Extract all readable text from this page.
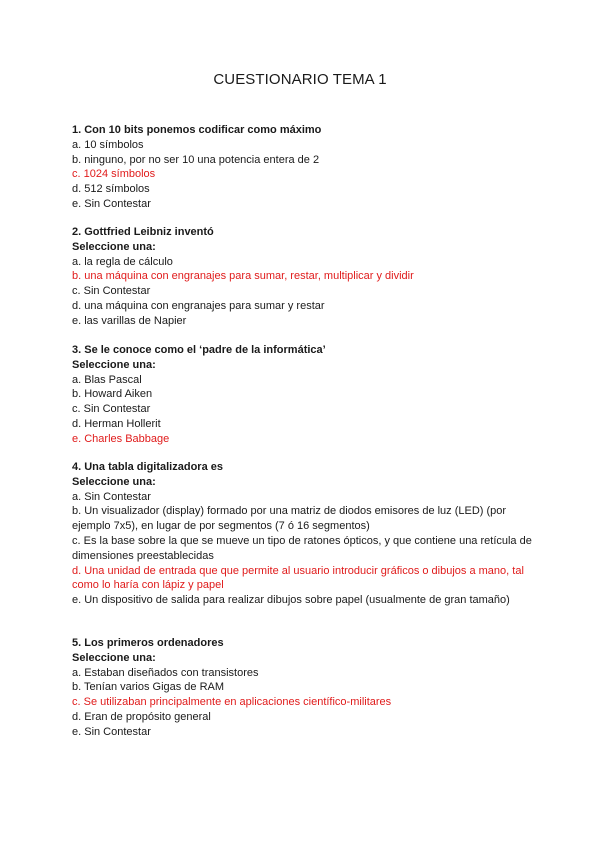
CUESTIONARIO TEMA 1

1. Con 10 bits ponemos codificar como máximo

a. 10 símbolos

b. ninguno, por no ser 10 una potencia entera de 2

c. 1024 símbolos

d. 512 símbolos

e. Sin Contestar

2. Gottfried Leibniz inventó

Seleccione una:

a. la regla de cálculo

b. una máquina con engranajes para sumar, restar, multiplicar y dividir

c. Sin Contestar

d. una máquina con engranajes para sumar y restar

e. las varillas de Napier

3. Se le conoce como el ‘padre de la informática’

Seleccione una:

a. Blas Pascal

b. Howard Aiken

c. Sin Contestar

d. Herman Hollerit

e. Charles Babbage

4. Una tabla digitalizadora es

Seleccione una:

a. Sin Contestar

b. Un visualizador (display) formado por una matriz de diodos emisores de luz (LED) (por ejemplo 7x5), en lugar de por segmentos (7 ó 16 segmentos)

c. Es la base sobre la que se mueve un tipo de ratones ópticos, y que contiene una retícula de dimensiones preestablecidas

d. Una unidad de entrada que que permite al usuario introducir gráficos o dibujos a mano, tal como lo haría con lápiz y papel

e. Un dispositivo de salida para realizar dibujos sobre papel (usualmente de gran tamaño)

5. Los primeros ordenadores

Seleccione una:

a. Estaban diseñados con transistores

b. Tenían varios Gigas de RAM

c. Se utilizaban principalmente en aplicaciones científico-militares

d. Eran de propósito general

e. Sin Contestar
